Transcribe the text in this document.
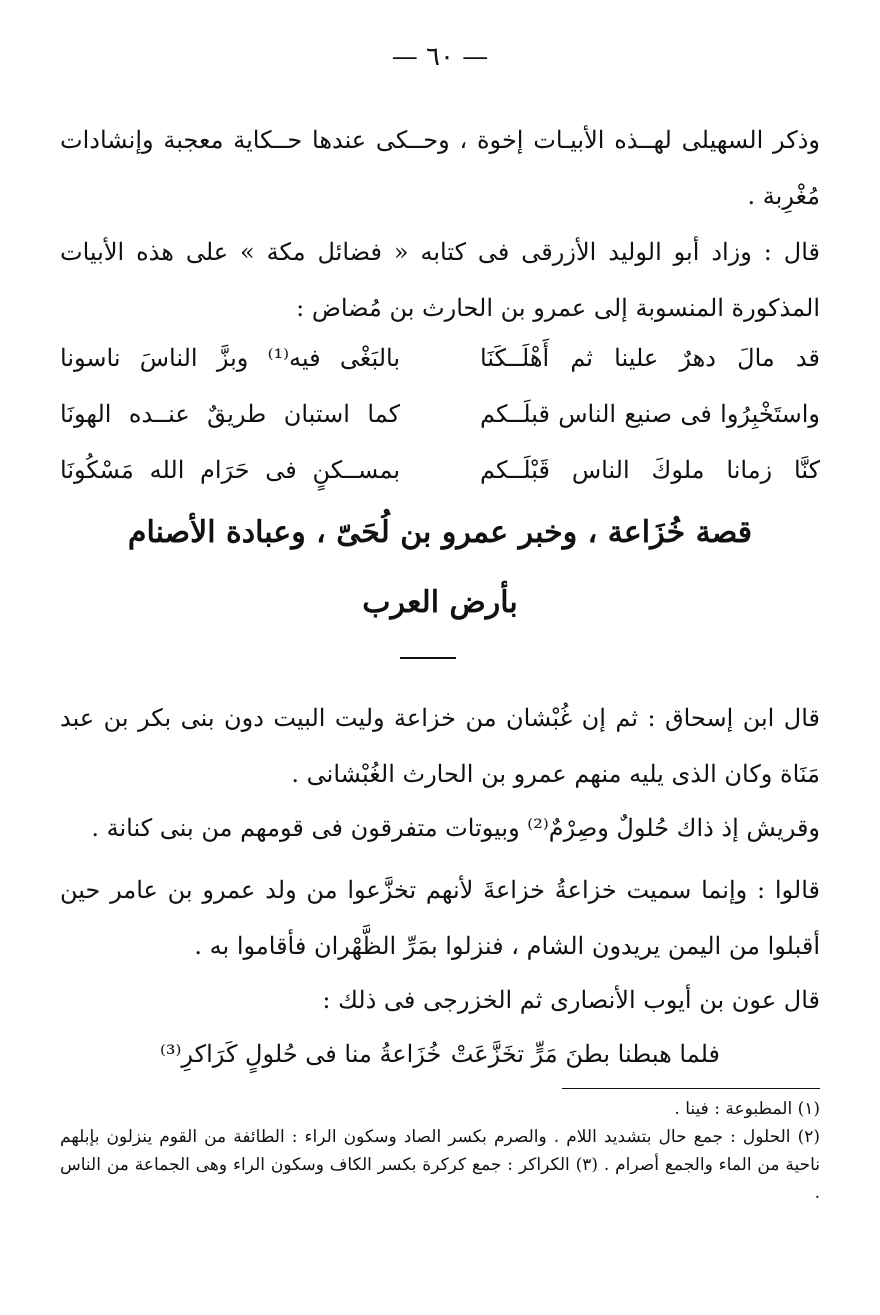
— ٦٠ —

وذكر السهيلى لهــذه الأبيـات إخوة ، وحــكى عندها حــكاية معجبة وإنشادات مُغْرِبة .

قال : وزاد أبو الوليد الأزرقى فى كتابه « فضائل مكة » على هذه الأبيات المذكورة المنسوبة إلى عمرو بن الحارث بن مُضاض :

قد مالَ دهرٌ علينا ثم أَهْلَــكَنَا
بالبَغْى فيه⁽¹⁾ وبزَّ الناسَ ناسونا
واستَخْبِرُوا فى صنيع الناس قبلَــكم
كما استبان طريقٌ عنــده الهونَا
كنَّا زمانا ملوكَ الناس قَبْلَــكم
بمســكنٍ فى حَرَام الله مَسْكُونَا
قصة خُزَاعة ، وخبر عمرو بن لُحَىّ ، وعبادة الأصنام
بأرض العرب

قال ابن إسحاق : ثم إن غُبْشان من خزاعة وليت البيت دون بنى بكر بن عبد مَنَاة وكان الذى يليه منهم عمرو بن الحارث الغُبْشانى .

وقريش إذ ذاك حُلولٌ وصِرْمٌ⁽²⁾ وبيوتات متفرقون فى قومهم من بنى كنانة .

قالوا : وإنما سميت خزاعةُ خزاعةَ لأنهم تخزَّعوا من ولد عمرو بن عامر حين أقبلوا من اليمن يريدون الشام ، فنزلوا بمَرِّ الظَّهْران فأقاموا به .

قال عون بن أيوب الأنصارى ثم الخزرجى فى ذلك :

فلما هبطنا بطنَ مَرٍّ تخَزَّعَتْ
خُزَاعةُ منا فى حُلولٍ كَرَاكرِ⁽³⁾

(١) المطبوعة : فينا .

(٢) الحلول : جمع حال بتشديد اللام . والصرم بكسر الصاد وسكون الراء : الطائفة من القوم ينزلون بإبلهم ناحية من الماء والجمع أصرام . (٣) الكراكر : جمع كركرة بكسر الكاف وسكون الراء وهى الجماعة من الناس .
